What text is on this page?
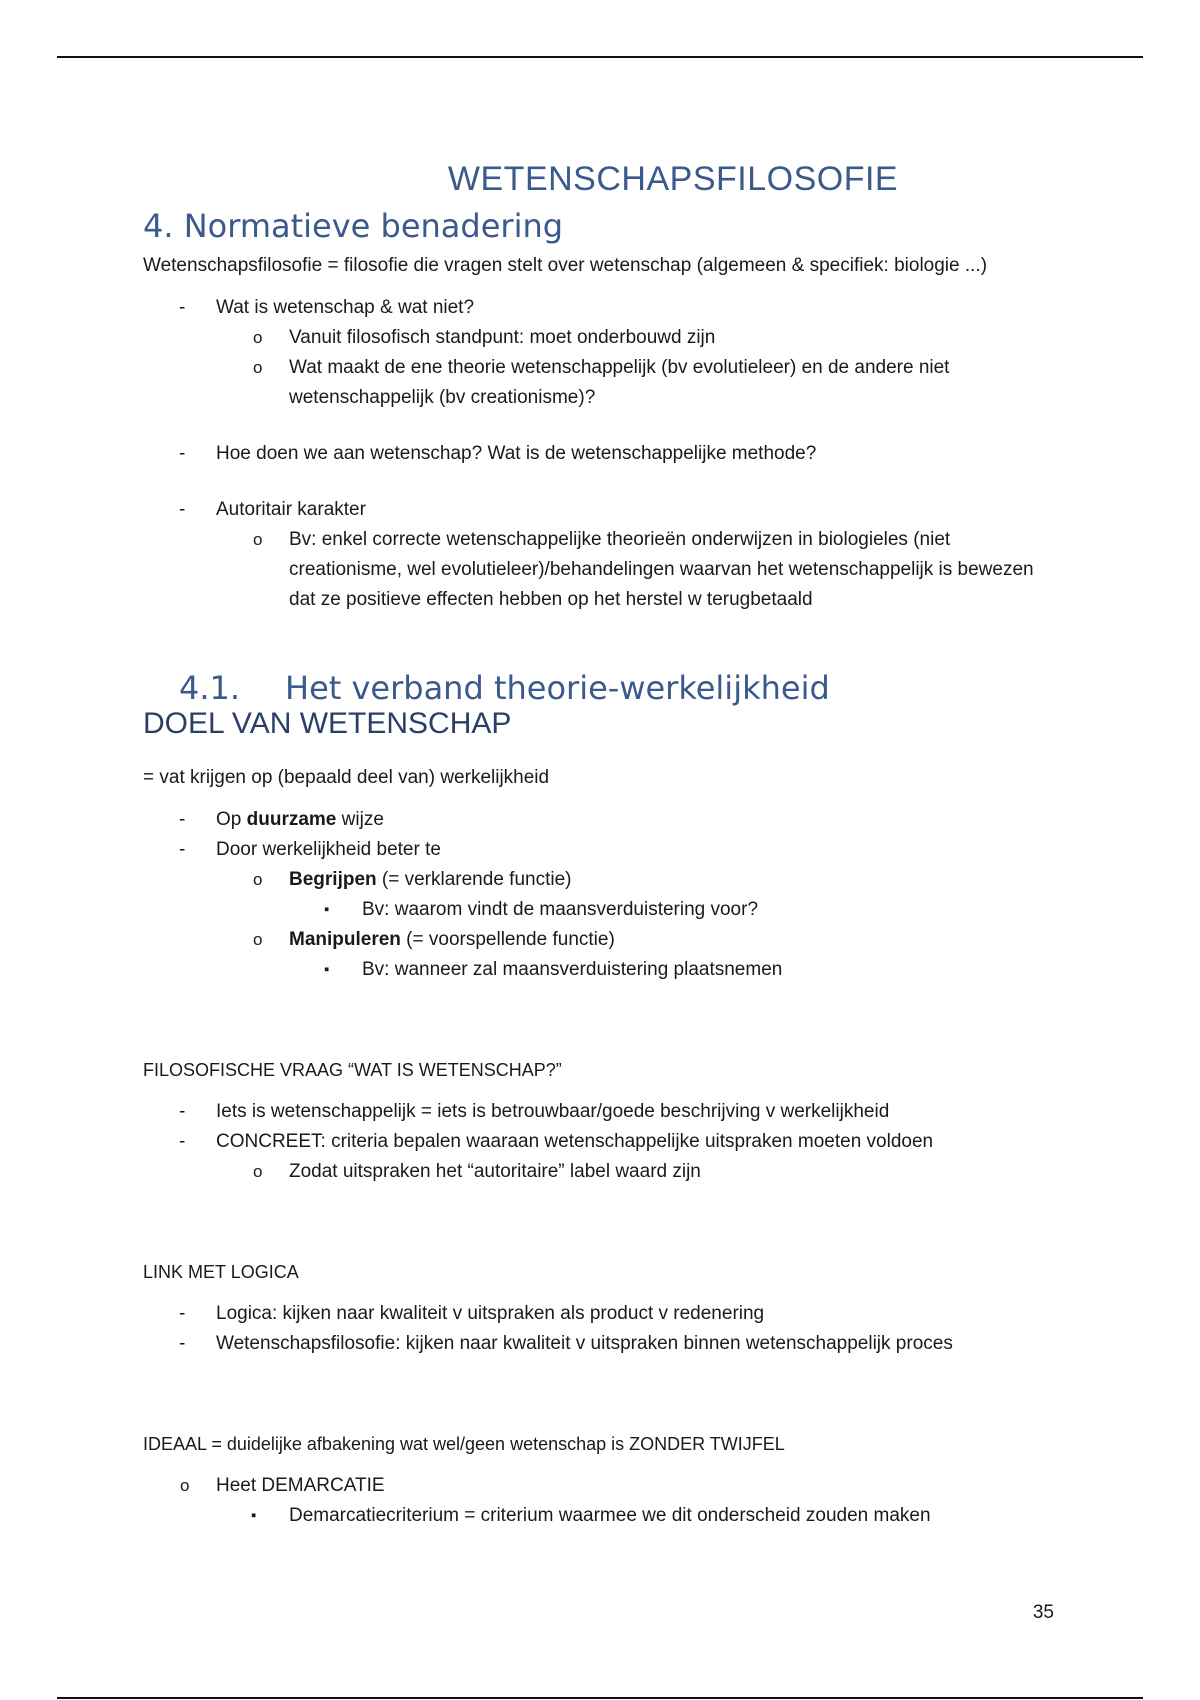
WETENSCHAPSFILOSOFIE
4. Normatieve benadering

Wetenschapsfilosofie = filosofie die vragen stelt over wetenschap (algemeen & specifiek: biologie ...)

- Wat is wetenschap & wat niet?
o Vanuit filosofisch standpunt: moet onderbouwd zijn
o Wat maakt de ene theorie wetenschappelijk (bv evolutieleer) en de andere niet wetenschappelijk (bv creationisme)?
- Hoe doen we aan wetenschap? Wat is de wetenschappelijke methode?
- Autoritair karakter
o Bv: enkel correcte wetenschappelijke theorieën onderwijzen in biologieles (niet creationisme, wel evolutieleer)/behandelingen waarvan het wetenschappelijk is bewezen dat ze positieve effecten hebben op het herstel w terugbetaald
4.1. Het verband theorie-werkelijkheid
DOEL VAN WETENSCHAP

= vat krijgen op (bepaald deel van) werkelijkheid

- Op duurzame wijze
- Door werkelijkheid beter te
o Begrijpen (= verklarende functie)
▪ Bv: waarom vindt de maansverduistering voor?
o Manipuleren (= voorspellende functie)
▪ Bv: wanneer zal maansverduistering plaatsnemen

FILOSOFISCHE VRAAG “WAT IS WETENSCHAP?”

- Iets is wetenschappelijk = iets is betrouwbaar/goede beschrijving v werkelijkheid
- CONCREET: criteria bepalen waaraan wetenschappelijke uitspraken moeten voldoen
o Zodat uitspraken het “autoritaire” label waard zijn

LINK MET LOGICA

- Logica: kijken naar kwaliteit v uitspraken als product v redenering
- Wetenschapsfilosofie: kijken naar kwaliteit v uitspraken binnen wetenschappelijk proces

IDEAAL = duidelijke afbakening wat wel/geen wetenschap is ZONDER TWIJFEL

o Heet DEMARCATIE
▪ Demarcatiecriterium = criterium waarmee we dit onderscheid zouden maken
35
